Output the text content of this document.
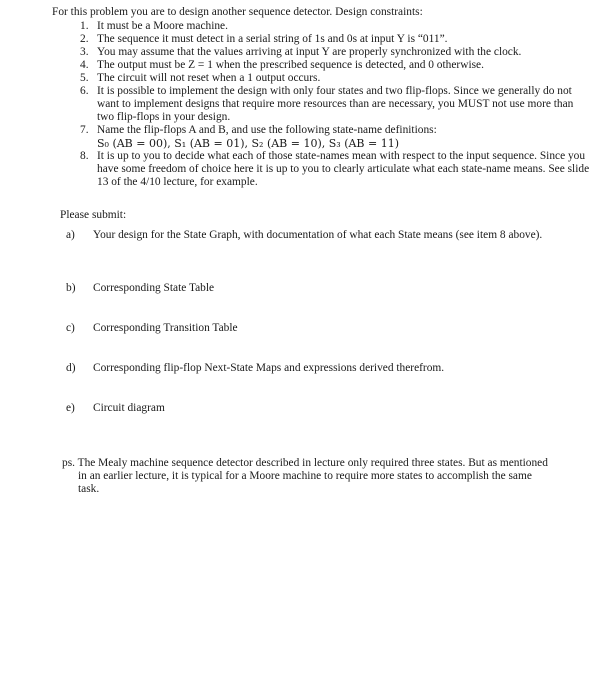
For this problem you are to design another sequence detector. Design constraints:
1. It must be a Moore machine.
2. The sequence it must detect in a serial string of 1s and 0s at input Y is “011”.
3. You may assume that the values arriving at input Y are properly synchronized with the clock.
4. The output must be Z = 1 when the prescribed sequence is detected, and 0 otherwise.
5. The circuit will not reset when a 1 output occurs.
6. It is possible to implement the design with only four states and two flip-flops. Since we generally do not want to implement designs that require more resources than are necessary, you MUST not use more than two flip-flops in your design.
7. Name the flip-flops A and B, and use the following state-name definitions:
S₀ (AB = 00), S₁ (AB = 01), S₂ (AB = 10), S₃ (AB = 11)
8. It is up to you to decide what each of those state-names mean with respect to the input sequence. Since you have some freedom of choice here it is up to you to clearly articulate what each state-name means. See slide 13 of the 4/10 lecture, for example.
Please submit:
a) Your design for the State Graph, with documentation of what each State means (see item 8 above).
b) Corresponding State Table
c) Corresponding Transition Table
d) Corresponding flip-flop Next-State Maps and expressions derived therefrom.
e) Circuit diagram
ps. The Mealy machine sequence detector described in lecture only required three states. But as mentioned in an earlier lecture, it is typical for a Moore machine to require more states to accomplish the same task.
